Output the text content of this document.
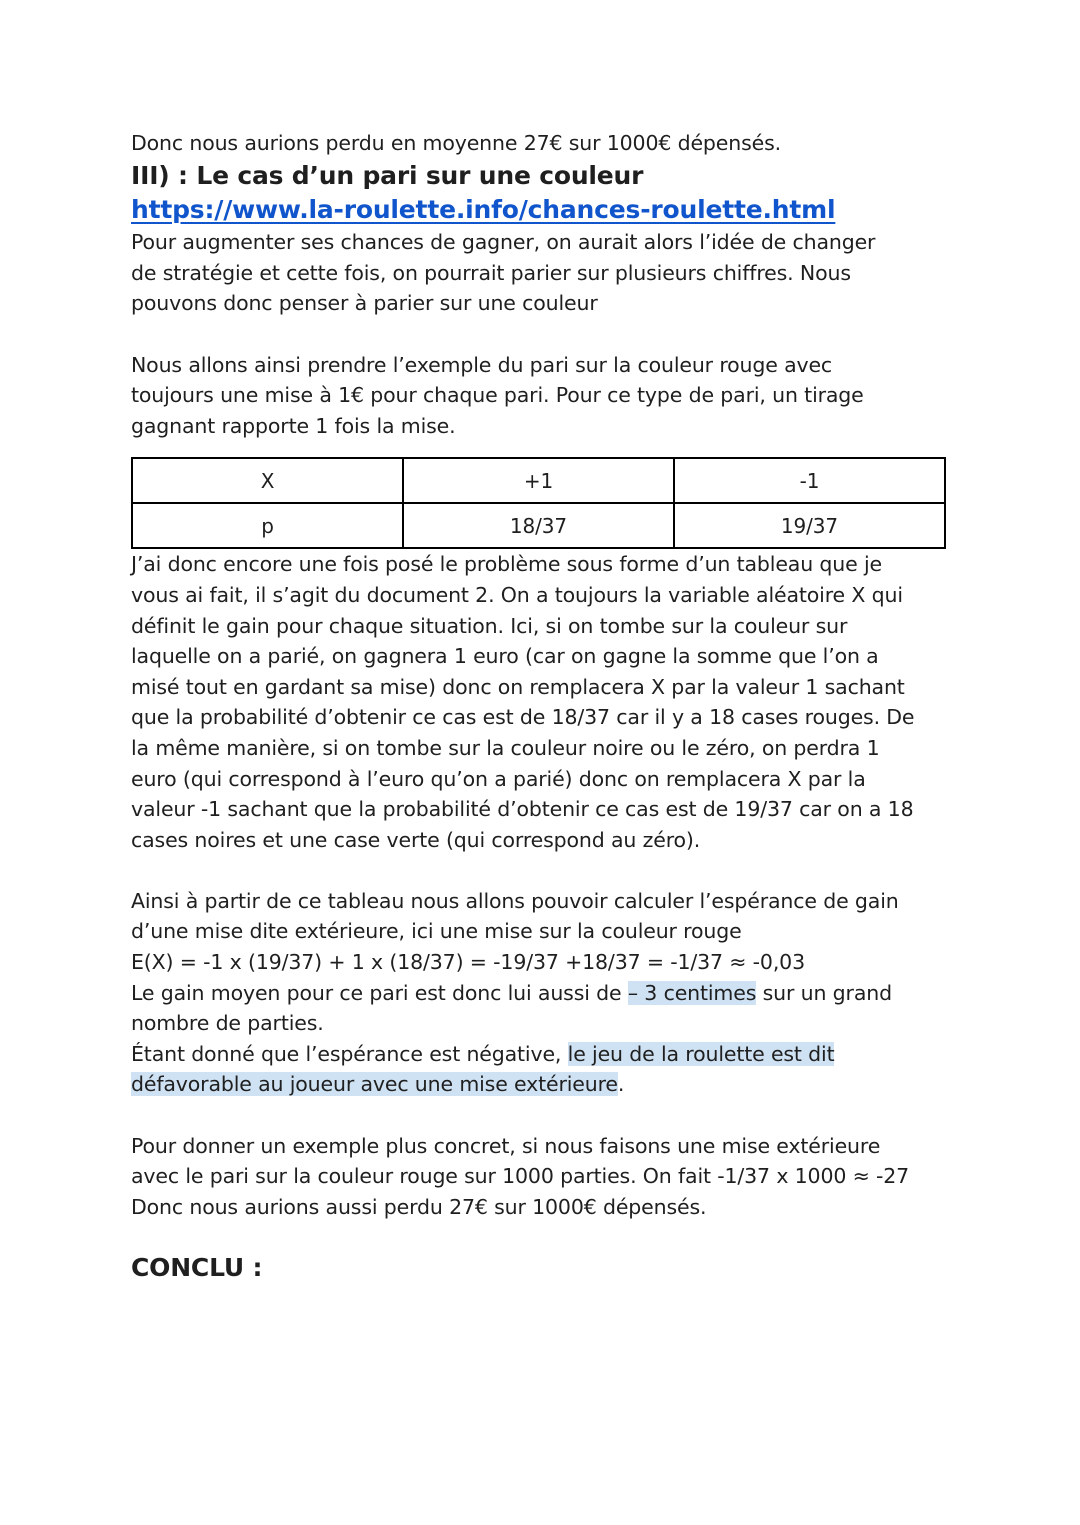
Donc nous aurions perdu en moyenne 27€ sur 1000€ dépensés.

III) : Le cas d’un pari sur une couleur
https://www.la-roulette.info/chances-roulette.html

Pour augmenter ses chances de gagner, on aurait alors l’idée de changer

de stratégie et cette fois, on pourrait parier sur plusieurs chiffres. Nous

pouvons donc penser à parier sur une couleur

Nous allons ainsi prendre l’exemple du pari sur la couleur rouge avec

toujours une mise à 1€ pour chaque pari. Pour ce type de pari, un tirage

gagnant rapporte 1 fois la mise.

X	+1	-1
p	18/37	19/37

J’ai donc encore une fois posé le problème sous forme d’un tableau que je

vous ai fait, il s’agit du document 2. On a toujours la variable aléatoire X qui

définit le gain pour chaque situation. Ici, si on tombe sur la couleur sur

laquelle on a parié, on gagnera 1 euro (car on gagne la somme que l’on a

misé tout en gardant sa mise) donc on remplacera X par la valeur 1 sachant

que la probabilité d’obtenir ce cas est de 18/37 car il y a 18 cases rouges. De

la même manière, si on tombe sur la couleur noire ou le zéro, on perdra 1

euro (qui correspond à l’euro qu’on a parié) donc on remplacera X par la

valeur -1 sachant que la probabilité d’obtenir ce cas est de 19/37 car on a 18

cases noires et une case verte (qui correspond au zéro).

Ainsi à partir de ce tableau nous allons pouvoir calculer l’espérance de gain

d’une mise dite extérieure, ici une mise sur la couleur rouge

E(X) = -1 x (19/37) + 1 x (18/37) = -19/37 +18/37 = -1/37 ≈ -0,03

Le gain moyen pour ce pari est donc lui aussi de – 3 centimes sur un grand

nombre de parties.

Étant donné que l’espérance est négative, le jeu de la roulette est dit

défavorable au joueur avec une mise extérieure.

Pour donner un exemple plus concret, si nous faisons une mise extérieure

avec le pari sur la couleur rouge sur 1000 parties. On fait -1/37 x 1000 ≈ -27

Donc nous aurions aussi perdu 27€ sur 1000€ dépensés.

CONCLU :
